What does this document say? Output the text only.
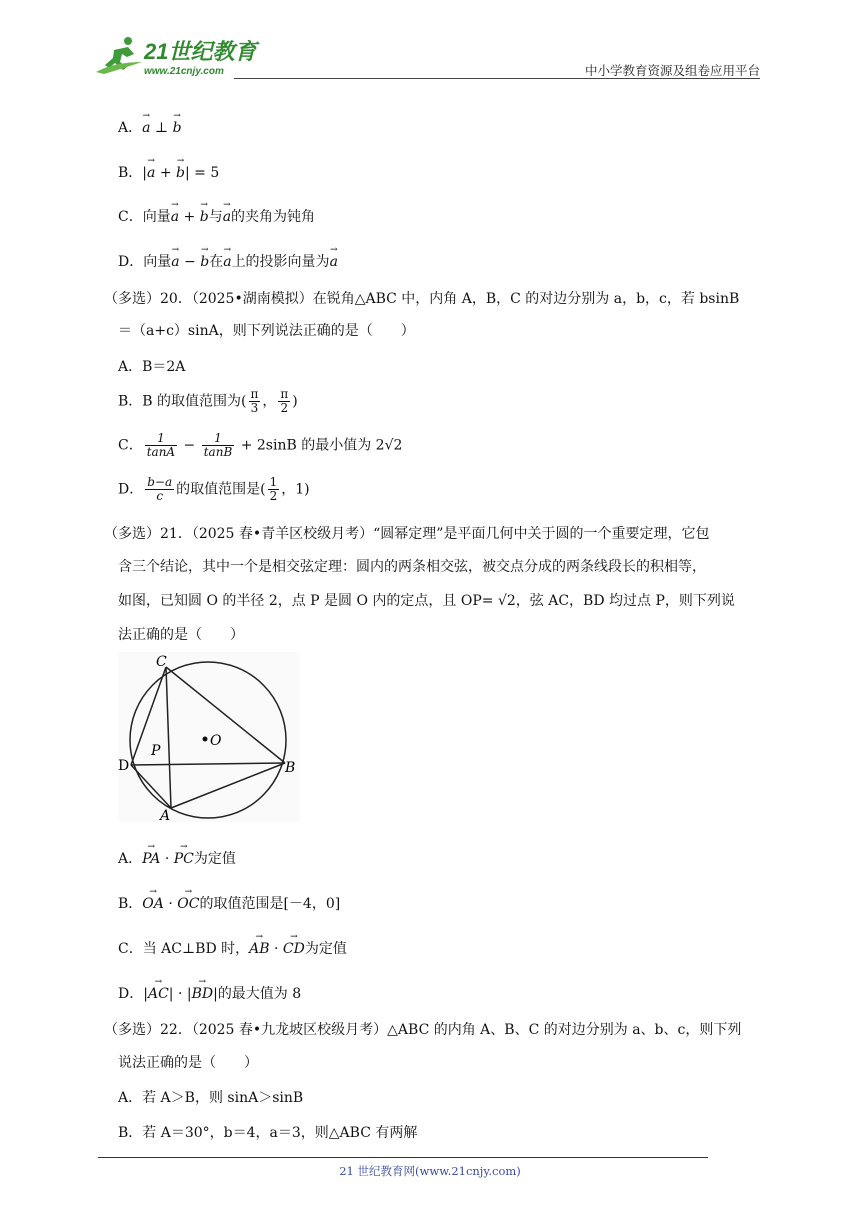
21世纪教育
www.21cnjy.com	中小学教育资源及组卷应用平台
A．→ a ⊥ → b
B．|→ a + → b| = 5
C．向量→ a + → b与→ a的夹角为钝角
D．向量→ a − → b在→ a上的投影向量为→ a
（多选）20．（2025•湖南模拟）在锐角△ABC 中，内角 A，B，C 的对边分别为 a，b，c，若 bsinB
＝（a+c）sinA，则下列说法正确的是（　　）
A．B＝2A
B．B 的取值范围为( $\frac{\pi}{3}$ ， $\frac{\pi}{2}$ )
C． $\frac{1}{\tan A} - \frac{1}{\tan B} + 2\sin B$ 的最小值为 2√2
D． $\frac{b-a}{c}$ 的取值范围是( $\frac{1}{2}$ ，1)
（多选）21．（2025 春•青羊区校级月考）“圆幂定理”是平面几何中关于圆的一个重要定理，它包
含三个结论，其中一个是相交弦定理：圆内的两条相交弦，被交点分成的两条线段长的积相等，
如图，已知圆 O 的半径 2，点 P 是圆 O 内的定点，且 OP= √2，弦 AC，BD 均过点 P，则下列说
法正确的是（　　）
C
D
P
O
B
A
A．→ PA · → PC为定值
B．→ OA · → OC的取值范围是[－4，0]
C．当 AC⊥BD 时，→ AB · → CD为定值
D．|→ AC| · |→ BD|的最大值为 8
（多选）22．（2025 春•九龙坡区校级月考）△ABC 的内角 A、B、C 的对边分别为 a、b、c，则下列
说法正确的是（　　）
A．若 A＞B，则 sinA＞sinB
B．若 A＝30°，b＝4，a＝3，则△ABC 有两解
21 世纪教育网(www.21cnjy.com)
